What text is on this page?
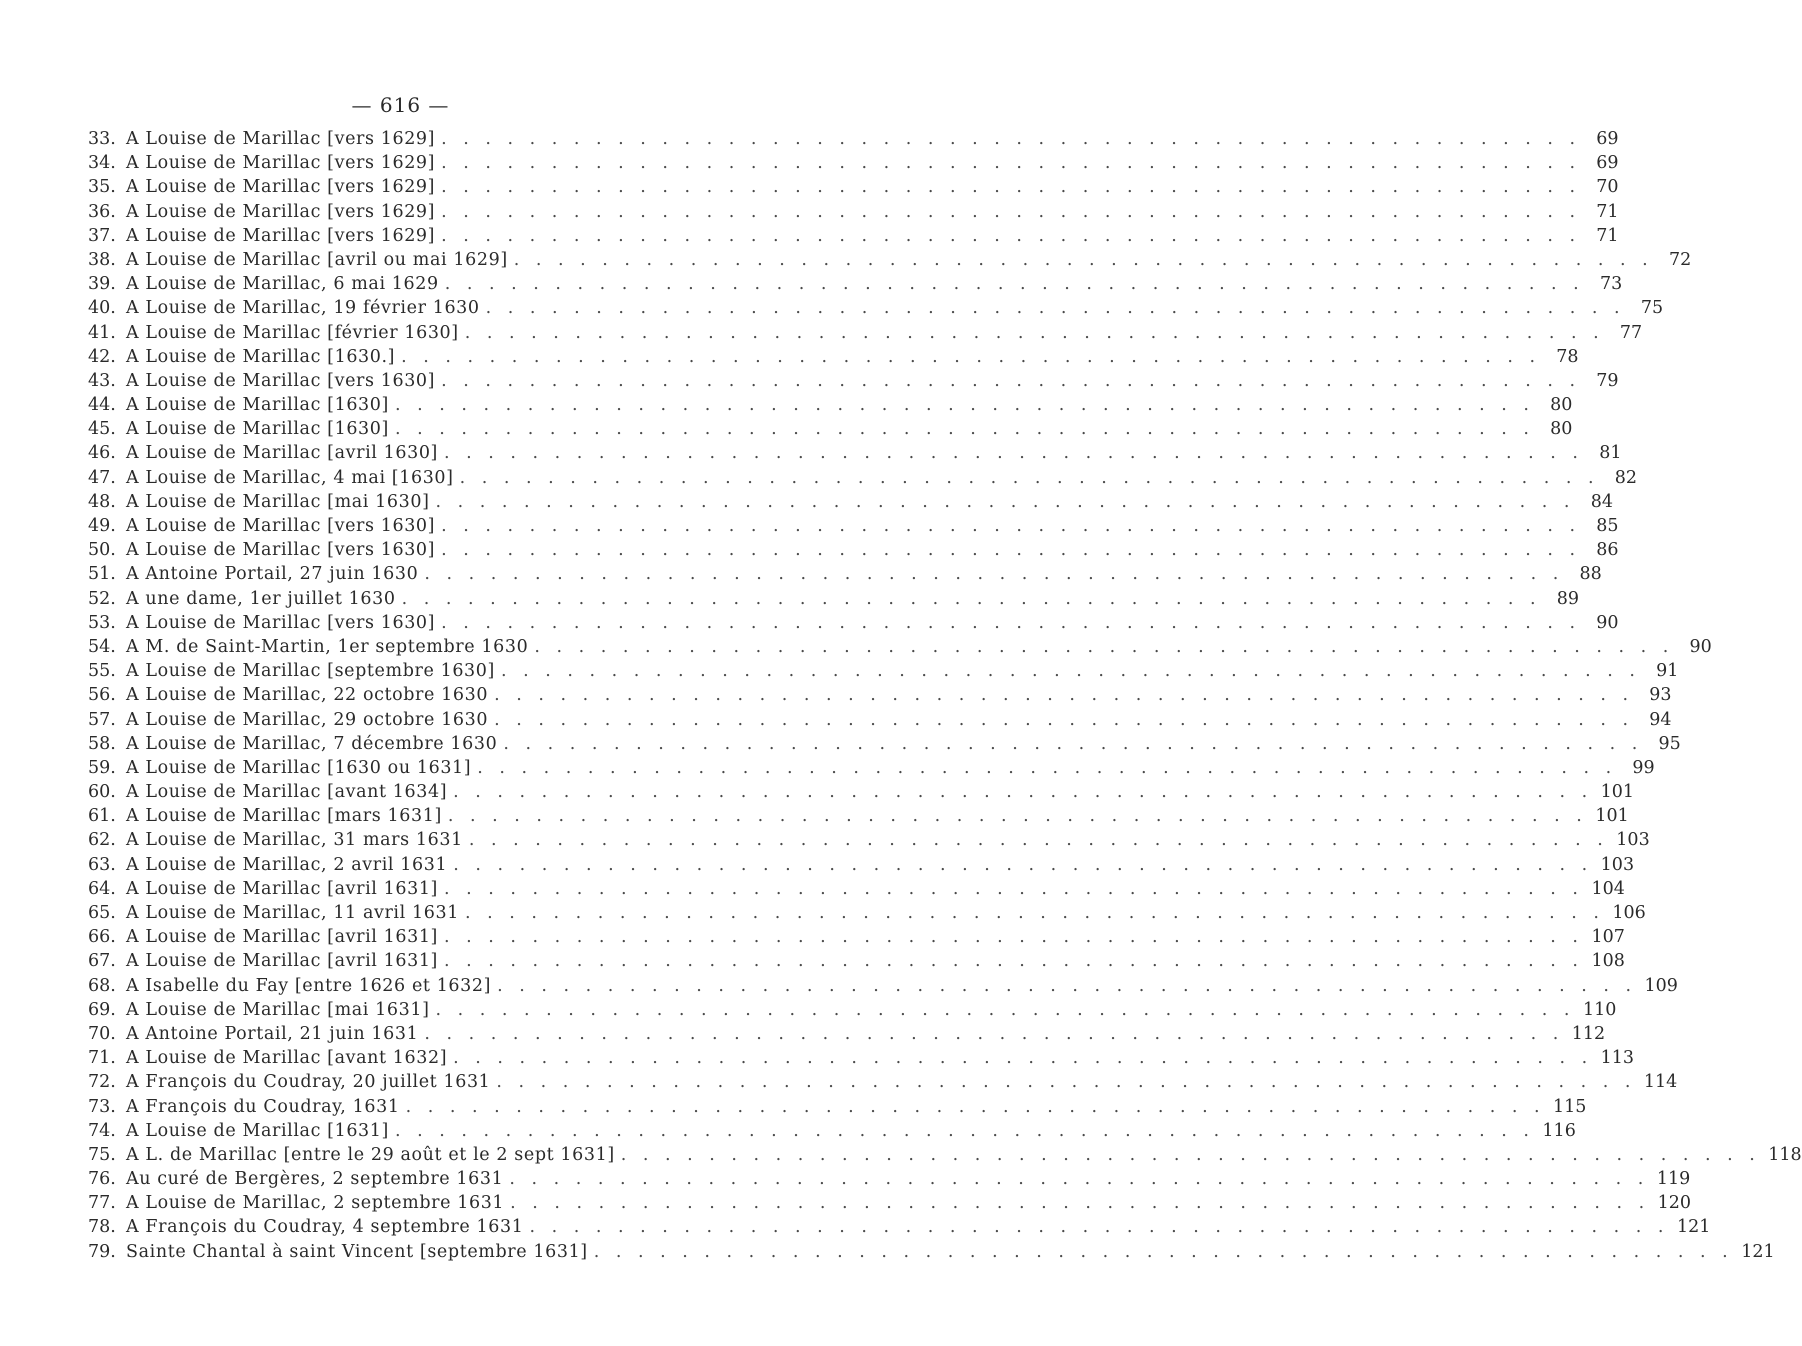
— 616 —
33. A Louise de Marillac [vers 1629] . . .	69
34. A Louise de Marillac [vers 1629] . . .	69
35. A Louise de Marillac [vers 1629] . . .	70
36. A Louise de Marillac [vers 1629] . . .	71
37. A Louise de Marillac [vers 1629] . . .	71
38. A Louise de Marillac [avril ou mai 1629] . . .	72
39. A Louise de Marillac, 6 mai 1629 . . .	73
40. A Louise de Marillac, 19 février 1630 . . .	75
41. A Louise de Marillac [février 1630] . . .	77
42. A Louise de Marillac [1630.] . . .	78
43. A Louise de Marillac [vers 1630] . . .	79
44. A Louise de Marillac [1630] . . .	80
45. A Louise de Marillac [1630] . . .	80
46. A Louise de Marillac [avril 1630] . . .	81
47. A Louise de Marillac, 4 mai [1630] . . .	82
48. A Louise de Marillac [mai 1630] . . .	84
49. A Louise de Marillac [vers 1630] . . .	85
50. A Louise de Marillac [vers 1630] . . .	86
51. A Antoine Portail, 27 juin 1630 . . .	88
52. A une dame, 1er juillet 1630 . . .	89
53. A Louise de Marillac [vers 1630] . . .	90
54. A M. de Saint-Martin, 1er septembre 1630 . . .	90
55. A Louise de Marillac [septembre 1630] . . .	91
56. A Louise de Marillac, 22 octobre 1630 . . .	93
57. A Louise de Marillac, 29 octobre 1630 . . .	94
58. A Louise de Marillac, 7 décembre 1630 . . .	95
59. A Louise de Marillac [1630 ou 1631] . . .	99
60. A Louise de Marillac [avant 1634] . . .	101
61. A Louise de Marillac [mars 1631] . . .	101
62. A Louise de Marillac, 31 mars 1631 . . .	103
63. A Louise de Marillac, 2 avril 1631 . . .	103
64. A Louise de Marillac [avril 1631] . . .	104
65. A Louise de Marillac, 11 avril 1631 . . .	106
66. A Louise de Marillac [avril 1631] . . .	107
67. A Louise de Marillac [avril 1631] . . .	108
68. A Isabelle du Fay [entre 1626 et 1632] . . .	109
69. A Louise de Marillac [mai 1631] . . .	110
70. A Antoine Portail, 21 juin 1631 . . .	112
71. A Louise de Marillac [avant 1632] . . .	113
72. A François du Coudray, 20 juillet 1631 . . .	114
73. A François du Coudray, 1631 . . .	115
74. A Louise de Marillac [1631] . . .	116
75. A L. de Marillac [entre le 29 août et le 2 sept 1631] . . .	118
76. Au curé de Bergères, 2 septembre 1631 . . .	119
77. A Louise de Marillac, 2 septembre 1631 . . .	120
78. A François du Coudray, 4 septembre 1631 . . .	121
79. Sainte Chantal à saint Vincent [septembre 1631] . . .	121
